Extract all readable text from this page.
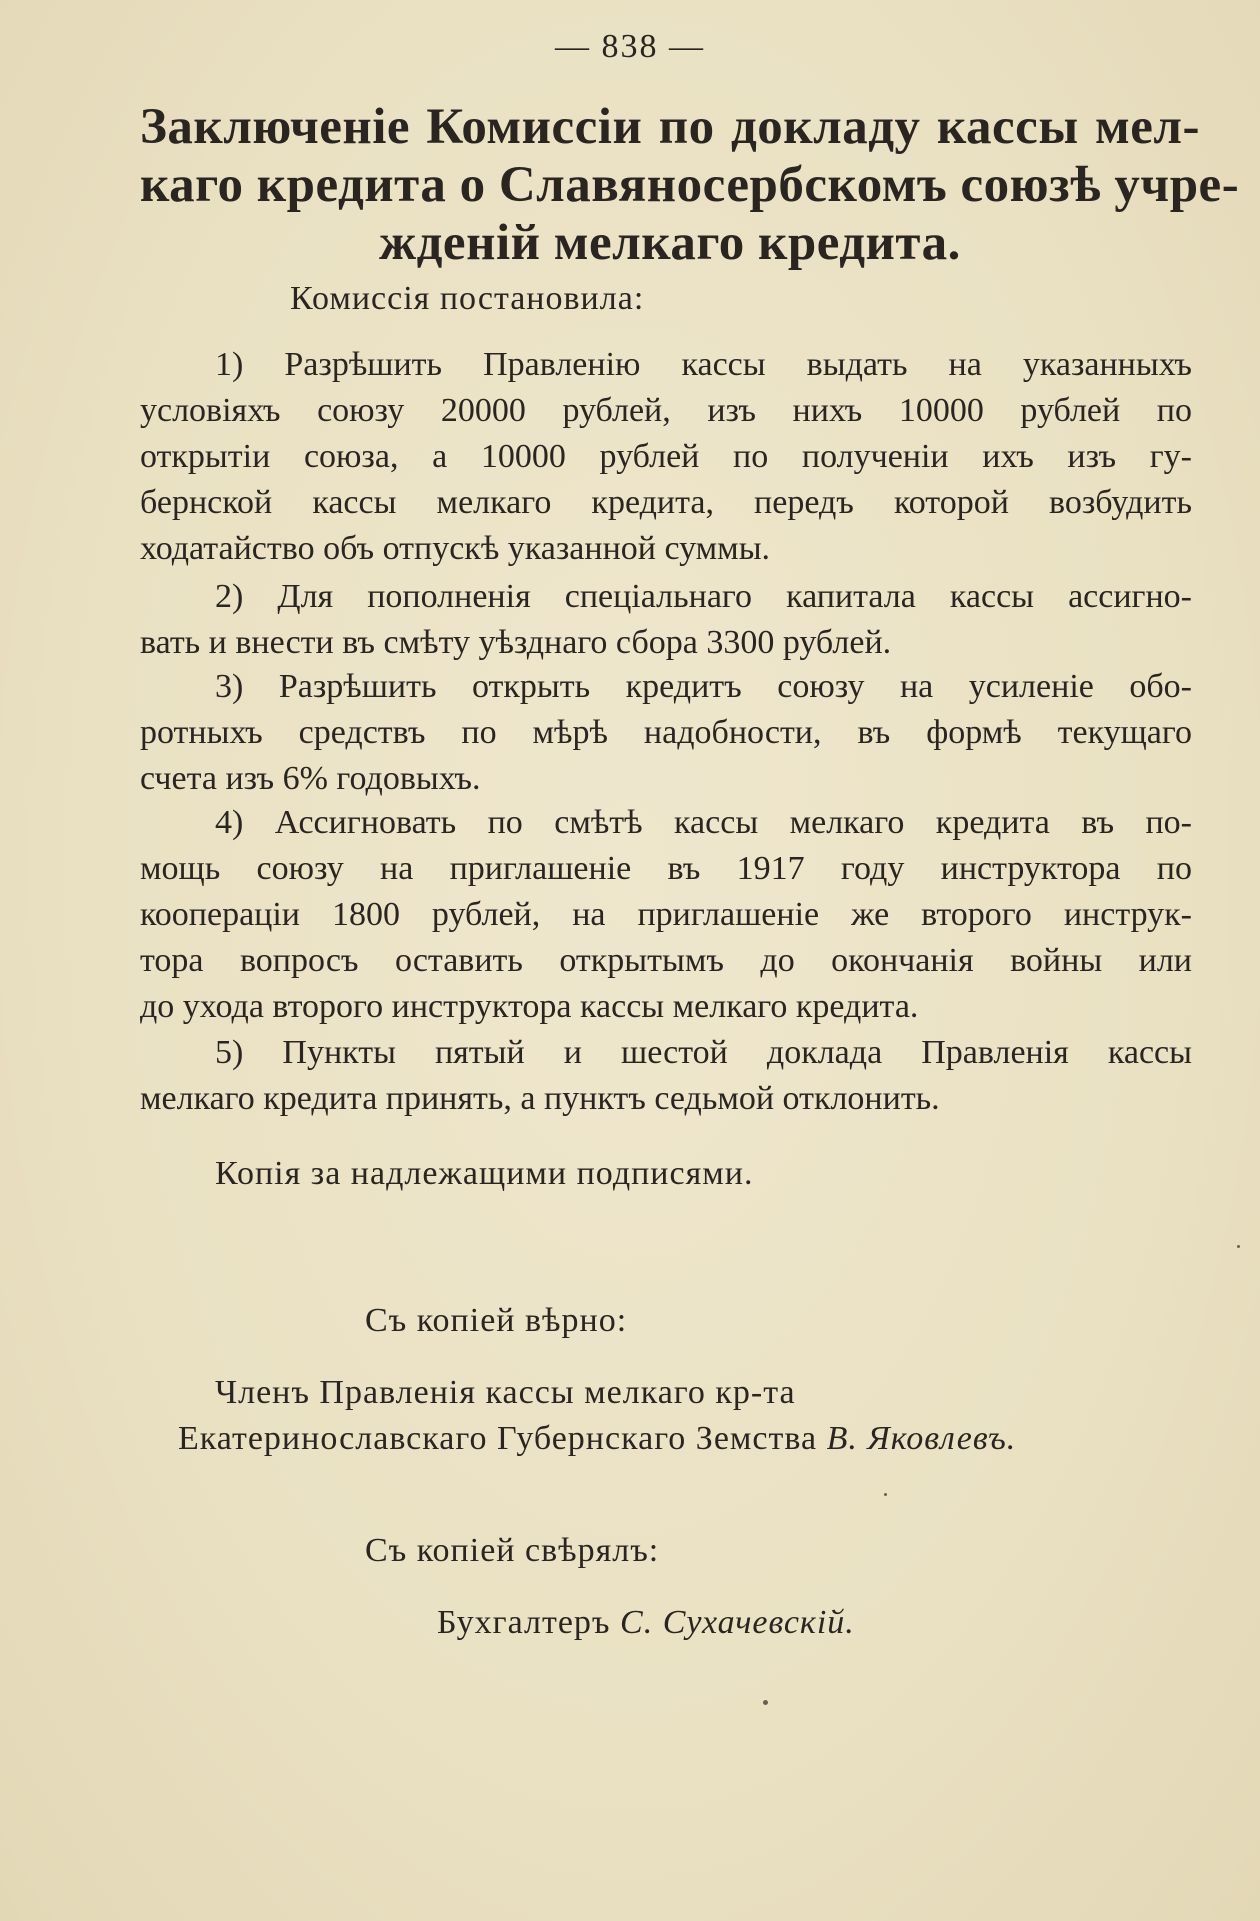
— 838 —
Заключеніе Комиссіи по докладу кассы мел-
каго кредита о Славяносербскомъ союзѣ учре-
жденій мелкаго кредита.
Комиссія постановила:
1) Разрѣшить Правленію кассы выдать на указанныхъ
условіяхъ союзу 20000 рублей, изъ нихъ 10000 рублей по
открытіи союза, а 10000 рублей по полученіи ихъ изъ гу-
бернской кассы мелкаго кредита, передъ которой возбудить
ходатайство объ отпускѣ указанной суммы.
2) Для пополненія спеціальнаго капитала кассы ассигно-
вать и внести въ смѣту уѣзднаго сбора 3300 рублей.
3) Разрѣшить открыть кредитъ союзу на усиленіе обо-
ротныхъ средствъ по мѣрѣ надобности, въ формѣ текущаго
счета изъ 6% годовыхъ.
4) Ассигновать по смѣтѣ кассы мелкаго кредита въ по-
мощь союзу на приглашеніе въ 1917 году инструктора по
кооперацiи 1800 рублей, на приглашеніе же второго инструк-
тора вопросъ оставить открытымъ до окончанія войны или
до ухода второго инструктора кассы мелкаго кредита.
5) Пункты пятый и шестой доклада Правленія кассы
мелкаго кредита принять, а пунктъ седьмой отклонить.
Копія за надлежащими подписями.
Съ копіей вѣрно:
Членъ Правленія кассы мелкаго кр-та
Екатеринославскаго Губернскаго Земства В. Яковлевъ.
Съ копіей свѣрялъ:
Бухгалтеръ С. Сухачевскій.
